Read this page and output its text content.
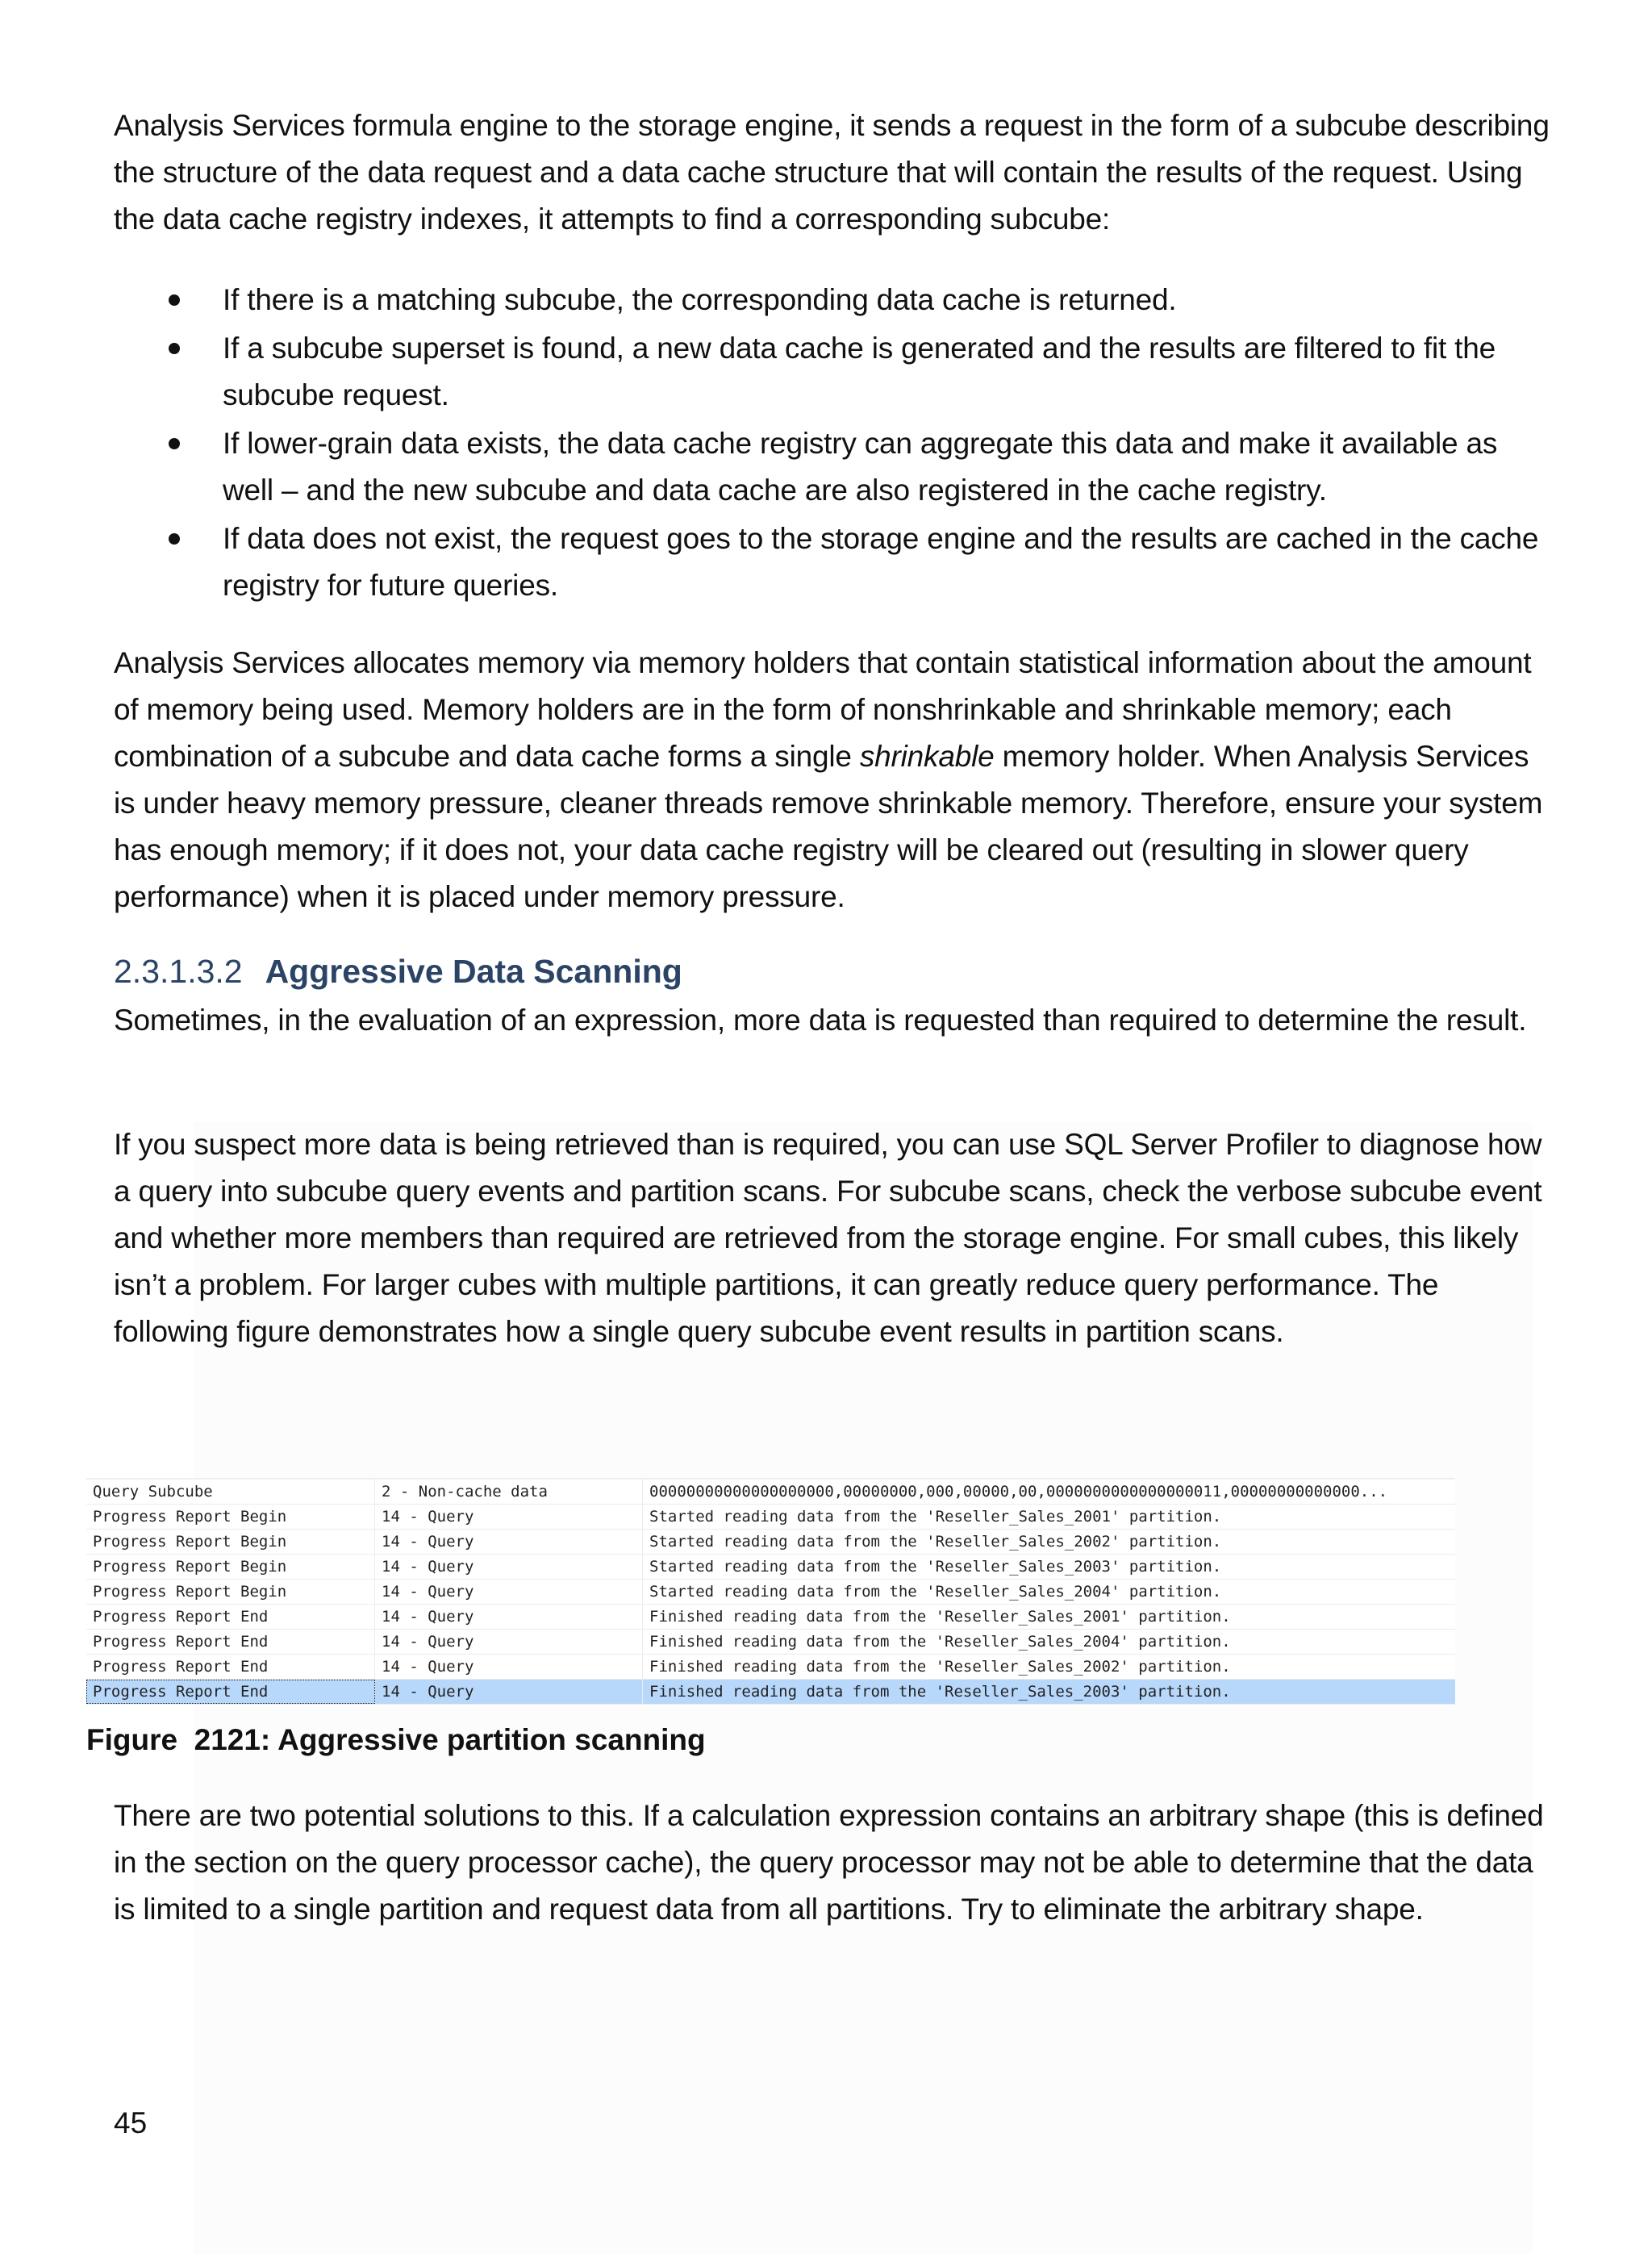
Analysis Services formula engine to the storage engine, it sends a request in the form of a subcube describing the structure of the data request and a data cache structure that will contain the results of the request. Using the data cache registry indexes, it attempts to find a corresponding subcube:

If there is a matching subcube, the corresponding data cache is returned.
If a subcube superset is found, a new data cache is generated and the results are filtered to fit the subcube request.
If lower-grain data exists, the data cache registry can aggregate this data and make it available as well – and the new subcube and data cache are also registered in the cache registry.
If data does not exist, the request goes to the storage engine and the results are cached in the cache registry for future queries.

Analysis Services allocates memory via memory holders that contain statistical information about the amount of memory being used. Memory holders are in the form of nonshrinkable and shrinkable memory; each combination of a subcube and data cache forms a single shrinkable memory holder. When Analysis Services is under heavy memory pressure, cleaner threads remove shrinkable memory. Therefore, ensure your system has enough memory; if it does not, your data cache registry will be cleared out (resulting in slower query performance) when it is placed under memory pressure.

2.3.1.3.2 Aggressive Data Scanning

Sometimes, in the evaluation of an expression, more data is requested than required to determine the result.

If you suspect more data is being retrieved than is required, you can use SQL Server Profiler to diagnose how a query into subcube query events and partition scans. For subcube scans, check the verbose subcube event and whether more members than required are retrieved from the storage engine. For small cubes, this likely isn’t a problem. For larger cubes with multiple partitions, it can greatly reduce query performance. The following figure demonstrates how a single query subcube event results in partition scans.

Query Subcube	2 - Non-cache data	00000000000000000000,00000000,000,00000,00,0000000000000000011,00000000000000...
Progress Report Begin	14 - Query	Started reading data from the 'Reseller_Sales_2001' partition.
Progress Report Begin	14 - Query	Started reading data from the 'Reseller_Sales_2002' partition.
Progress Report Begin	14 - Query	Started reading data from the 'Reseller_Sales_2003' partition.
Progress Report Begin	14 - Query	Started reading data from the 'Reseller_Sales_2004' partition.
Progress Report End	14 - Query	Finished reading data from the 'Reseller_Sales_2001' partition.
Progress Report End	14 - Query	Finished reading data from the 'Reseller_Sales_2004' partition.
Progress Report End	14 - Query	Finished reading data from the 'Reseller_Sales_2002' partition.
Progress Report End	14 - Query	Finished reading data from the 'Reseller_Sales_2003' partition.
Figure  2121: Aggressive partition scanning

There are two potential solutions to this. If a calculation expression contains an arbitrary shape (this is defined in the section on the query processor cache), the query processor may not be able to determine that the data is limited to a single partition and request data from all partitions. Try to eliminate the arbitrary shape.

45
